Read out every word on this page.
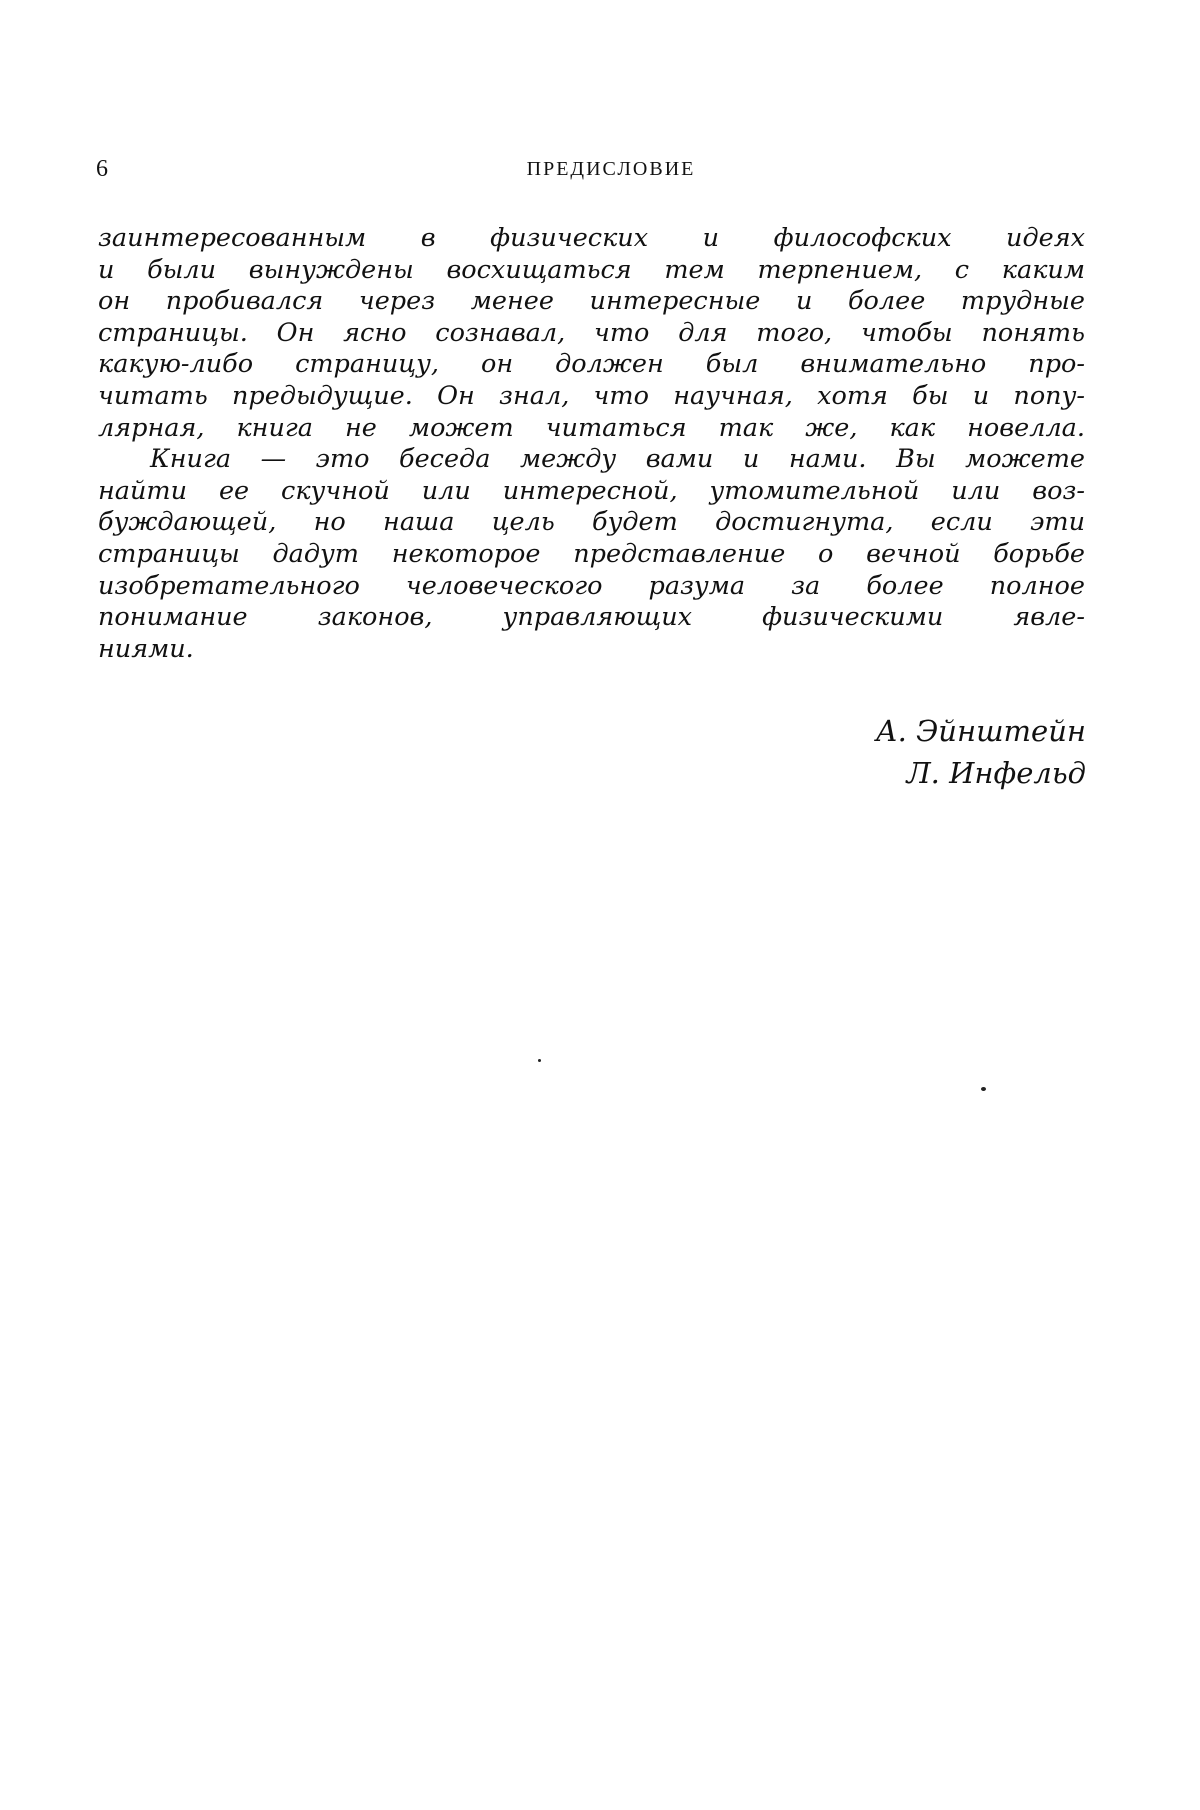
6	ПРЕДИСЛОВИЕ
заинтересованным в физических и философских идеях
и были вынуждены восхищаться тем терпением, с каким
он пробивался через менее интересные и более трудные
страницы. Он ясно сознавал, что для того, чтобы понять
какую-либо страницу, он должен был внимательно про-
читать предыдущие. Он знал, что научная, хотя бы и попу-
лярная, книга не может читаться так же, как новелла.
Книга — это беседа между вами и нами. Вы можете
найти ее скучной или интересной, утомительной или воз-
буждающей, но наша цель будет достигнута, если эти
страницы дадут некоторое представление о вечной борьбе
изобретательного человеческого разума за более полное
понимание законов, управляющих физическими явле-
ниями.
А. Эйнштейн
Л. Инфельд
